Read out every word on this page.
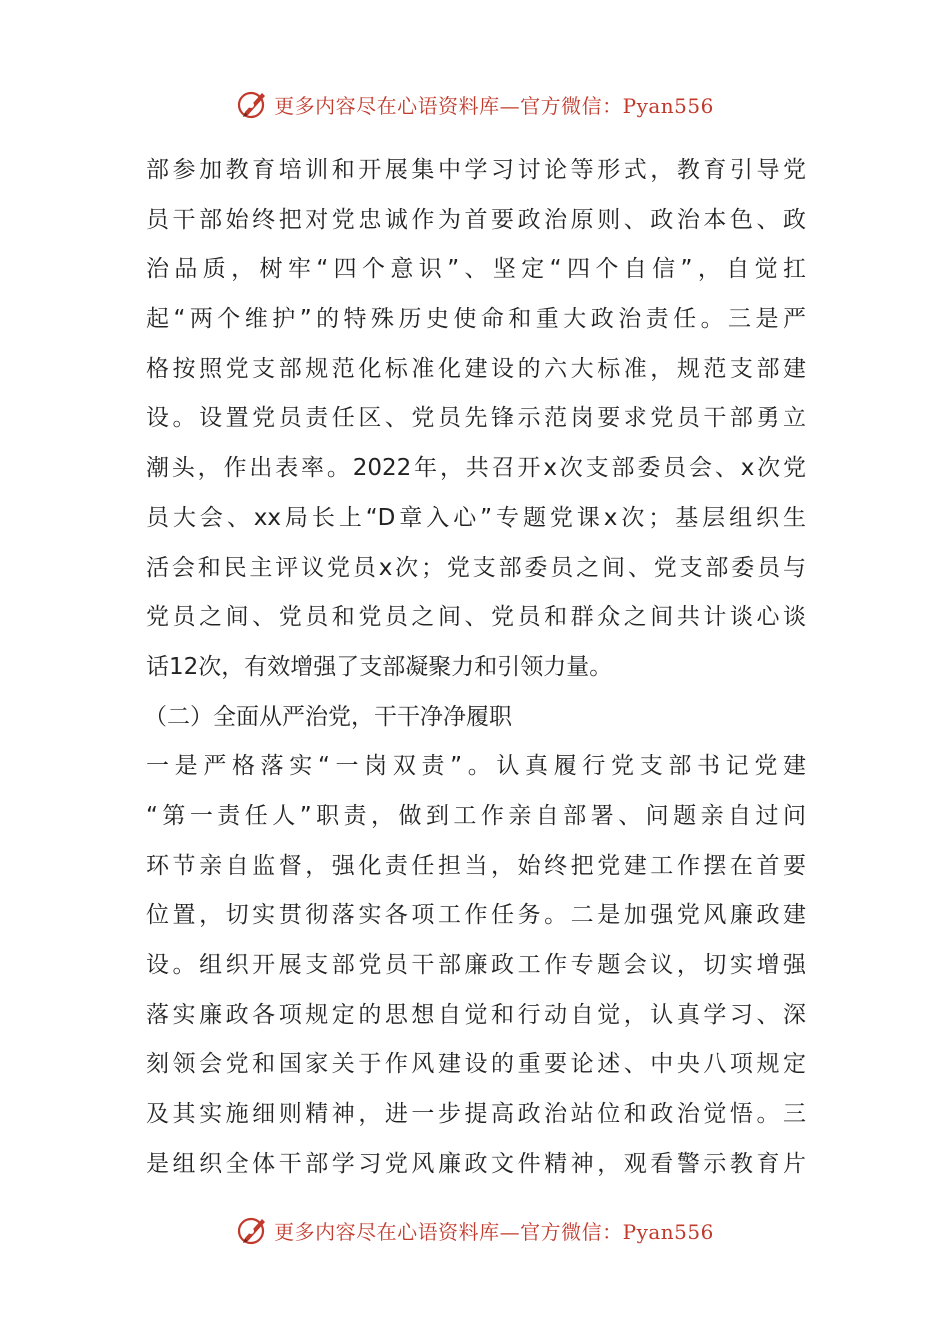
更多内容尽在心语资料库—官方微信：Pyan556
部参加教育培训和开展集中学习讨论等形式，教育引导党
员干部始终把对党忠诚作为首要政治原则、政治本色、政
治品质，树牢“四个意识”、坚定“四个自信”，自觉扛
起“两个维护”的特殊历史使命和重大政治责任。三是严
格按照党支部规范化标准化建设的六大标准，规范支部建
设。设置党员责任区、党员先锋示范岗要求党员干部勇立
潮头，作出表率。2022年，共召开x次支部委员会、x次党
员大会、xx局长上“D章入心”专题党课x次；基层组织生
活会和民主评议党员x次；党支部委员之间、党支部委员与
党员之间、党员和党员之间、党员和群众之间共计谈心谈
话12次，有效增强了支部凝聚力和引领力量。
（二）全面从严治党，干干净净履职
一是严格落实“一岗双责”。认真履行党支部书记党建
“第一责任人”职责，做到工作亲自部署、问题亲自过问
环节亲自监督，强化责任担当，始终把党建工作摆在首要
位置，切实贯彻落实各项工作任务。二是加强党风廉政建
设。组织开展支部党员干部廉政工作专题会议，切实增强
落实廉政各项规定的思想自觉和行动自觉，认真学习、深
刻领会党和国家关于作风建设的重要论述、中央八项规定
及其实施细则精神，进一步提高政治站位和政治觉悟。三
是组织全体干部学习党风廉政文件精神，观看警示教育片
更多内容尽在心语资料库—官方微信：Pyan556
